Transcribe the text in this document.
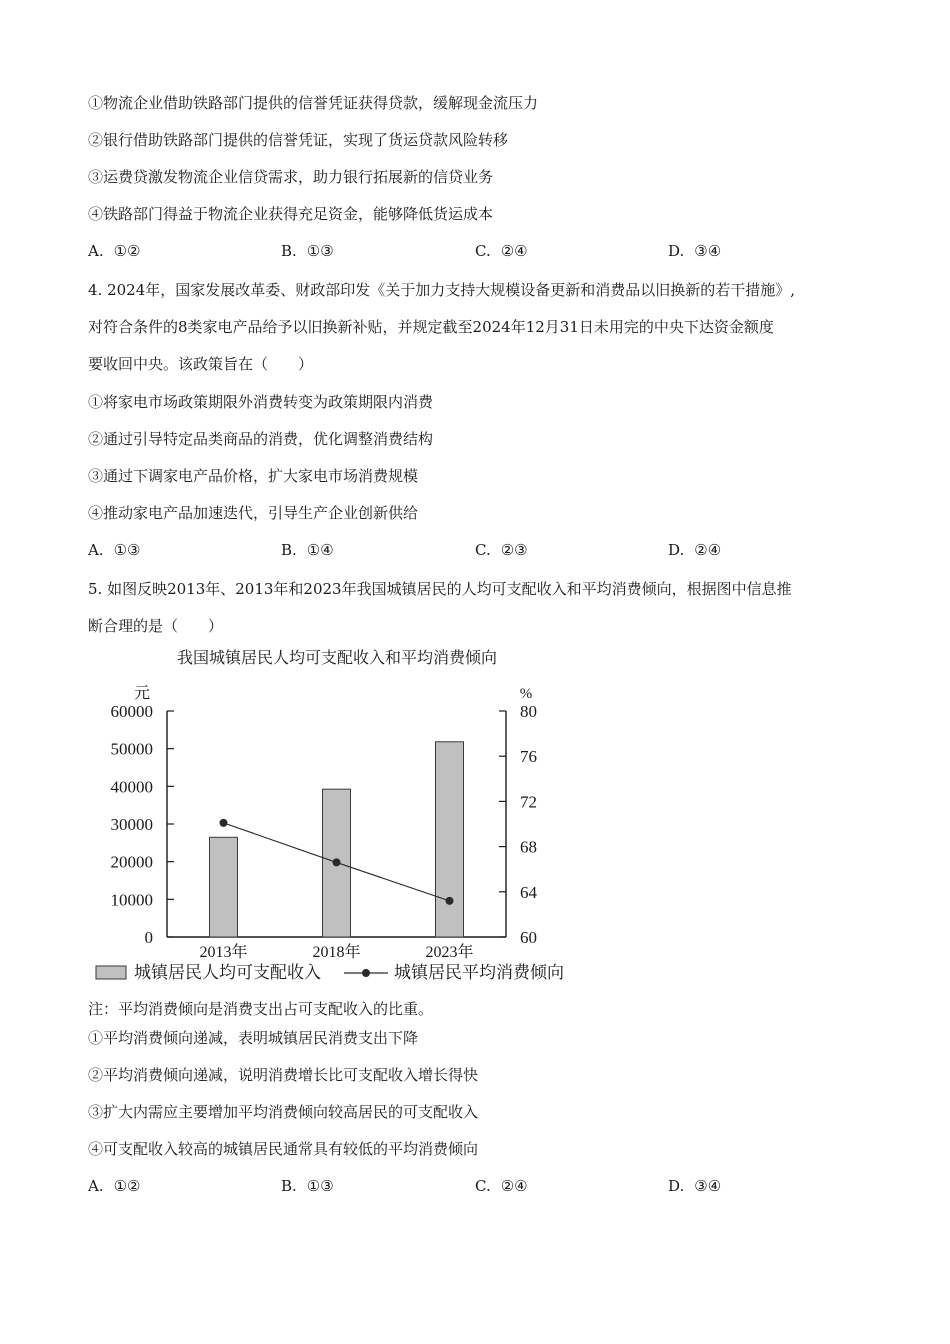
①物流企业借助铁路部门提供的信誉凭证获得贷款，缓解现金流压力
②银行借助铁路部门提供的信誉凭证，实现了货运贷款风险转移
③运费贷激发物流企业信贷需求，助力银行拓展新的信贷业务
④铁路部门得益于物流企业获得充足资金，能够降低货运成本
A. ①②	B. ①③	C. ②④	D. ③④
4. 2024年，国家发展改革委、财政部印发《关于加力支持大规模设备更新和消费品以旧换新的若干措施》,
对符合条件的8类家电产品给予以旧换新补贴，并规定截至2024年12月31日未用完的中央下达资金额度
要收回中央。该政策旨在（　　）
①将家电市场政策期限外消费转变为政策期限内消费
②通过引导特定品类商品的消费，优化调整消费结构
③通过下调家电产品价格，扩大家电市场消费规模
④推动家电产品加速迭代，引导生产企业创新供给
A. ①③	B. ①④	C. ②③	D. ②④
5. 如图反映2013年、2013年和2023年我国城镇居民的人均可支配收入和平均消费倾向，根据图中信息推
断合理的是（　　）
我国城镇居民人均可支配收入和平均消费倾向
元	%
0
10000
20000
30000
40000
50000
60000
60
64
68
72
76
80
2013年	2018年	2023年
城镇居民人均可支配收入	城镇居民平均消费倾向
注：平均消费倾向是消费支出占可支配收入的比重。
①平均消费倾向递减，表明城镇居民消费支出下降
②平均消费倾向递减，说明消费增长比可支配收入增长得快
③扩大内需应主要增加平均消费倾向较高居民的可支配收入
④可支配收入较高的城镇居民通常具有较低的平均消费倾向
A. ①②	B. ①③	C. ②④	D. ③④
